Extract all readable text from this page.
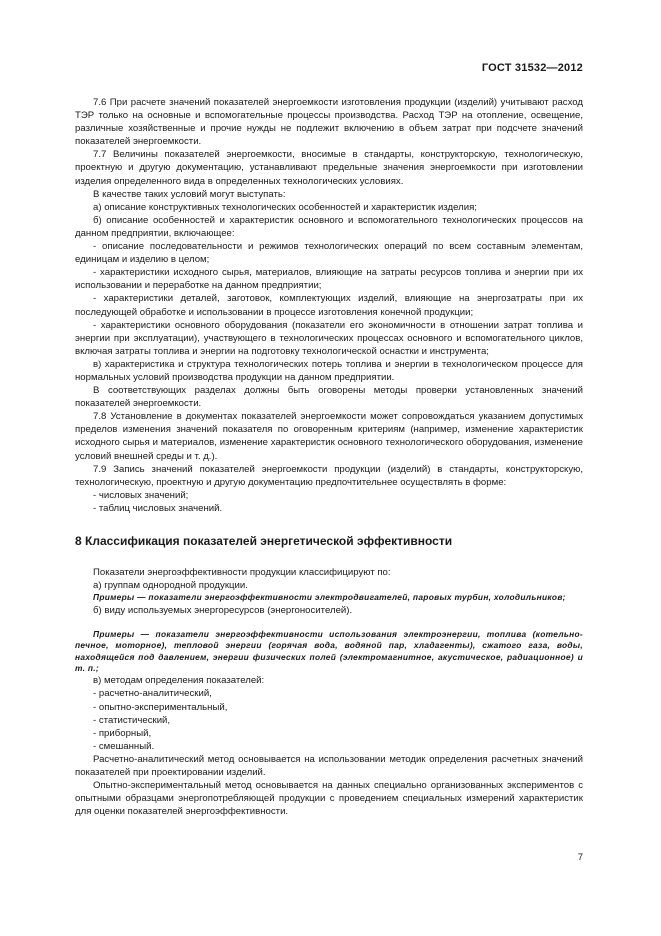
ГОСТ 31532—2012

7.6 При расчете значений показателей энергоемкости изготовления продукции (изделий) учитывают расход ТЭР только на основные и вспомогательные процессы производства. Расход ТЭР на отопление, освещение, различные хозяйственные и прочие нужды не подлежит включению в объем затрат при подсчете значений показателей энергоемкости.

7.7 Величины показателей энергоемкости, вносимые в стандарты, конструкторскую, технологическую, проектную и другую документацию, устанавливают предельные значения энергоемкости при изготовлении изделия определенного вида в определенных технологических условиях.

В качестве таких условий могут выступать:

а) описание конструктивных технологических особенностей и характеристик изделия;

б) описание особенностей и характеристик основного и вспомогательного технологических процессов на данном предприятии, включающее:

- описание последовательности и режимов технологических операций по всем составным элементам, единицам и изделию в целом;

- характеристики исходного сырья, материалов, влияющие на затраты ресурсов топлива и энергии при их использовании и переработке на данном предприятии;

- характеристики деталей, заготовок, комплектующих изделий, влияющие на энергозатраты при их последующей обработке и использовании в процессе изготовления конечной продукции;

- характеристики основного оборудования (показатели его экономичности в отношении затрат топлива и энергии при эксплуатации), участвующего в технологических процессах основного и вспомогательного циклов, включая затраты топлива и энергии на подготовку технологической оснастки и инструмента;

в) характеристика и структура технологических потерь топлива и энергии в технологическом процессе для нормальных условий производства продукции на данном предприятии.

В соответствующих разделах должны быть оговорены методы проверки установленных значений показателей энергоемкости.

7.8 Установление в документах показателей энергоемкости может сопровождаться указанием допустимых пределов изменения значений показателя по оговоренным критериям (например, изменение характеристик исходного сырья и материалов, изменение характеристик основного технологического оборудования, изменение условий внешней среды и т. д.).

7.9 Запись значений показателей энергоемкости продукции (изделий) в стандарты, конструкторскую, технологическую, проектную и другую документацию предпочтительнее осуществлять в форме:

- числовых значений;

- таблиц числовых значений.

8 Классификация показателей энергетической эффективности

Показатели энергоэффективности продукции классифицируют по:

а) группам однородной продукции.

Примеры — показатели энергоэффективности электродвигателей, паровых турбин, холодильников;

б) виду используемых энергоресурсов (энергоносителей).

Примеры — показатели энергоэффективности использования электроэнергии, топлива (котельно-печное, моторное), тепловой энергии (горячая вода, водяной пар, хладагенты), сжатого газа, воды, находящейся под давлением, энергии физических полей (электромагнитное, акустическое, радиационное) и т. п.;

в) методам определения показателей:

- расчетно-аналитический,

- опытно-экспериментальный,

- статистический,

- приборный,

- смешанный.

Расчетно-аналитический метод основывается на использовании методик определения расчетных значений показателей при проектировании изделий.

Опытно-экспериментальный метод основывается на данных специально организованных экспериментов с опытными образцами энергопотребляющей продукции с проведением специальных измерений характеристик для оценки показателей энергоэффективности.

7
